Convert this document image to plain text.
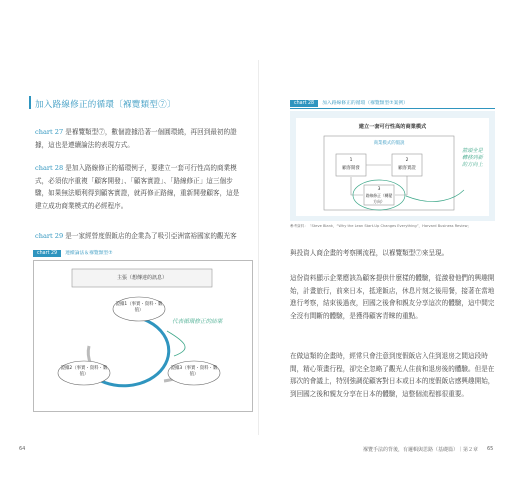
加入路線修正的循環〔褓覽類型⑦〕
chart 27 是褓覽類型⑦，數個證據沿著一個圓環繞，再回到最初的證據，這也是連續論法的表現方式。
chart 28 是加入路線修正的循環例子，要建立一套可行性高的商業模式，必須依序重複「顧客開發」、「顧客實證」、「路線修正」這三個步驟，如果無法順利得到顧客實證，就再修正路線，重新開發顧客，這是建立成功商業模式的必經程序。
chart 29 是一家經營度假飯店的企業為了吸引亞洲富裕國家的觀光客
chart 29 連續論法＆褓覽類型⑦
主張（想傳達的訊息）
證據1（事實・資料・數值）
證據2（事實・資料・數值）
證據3（事實・資料・數值）
代表循環修正的結果
64
chart 28 加入路線修正的循環（褓覽類型⑦案例）
建立一套可行性高的商業模式
商業模式的假說
1
顧客開發
2
顧客實證
3
路線修正（轉變方向）
箭頭全是轉移到新的方向上
參考資料：「Steve Blank，“Why the Lean Start-Up Changes Everything”，Harvard Business Review」
與投資人商企畫的考察團流程，以褓覽類型⑦來呈現。
這份資料顯示企業應該為顧客提供什麼樣的體驗，從激發他們的興趣開始，計畫旅行，前來日本，抵達飯店，休息片刻之後用餐，接著在當地進行考察，結束後過夜，回國之後會和親友分享這次的體驗，這中間完全沒有間斷的體驗，是獲得顧客青睞的重點。
在做這類的企畫時，經常只會注意到度假飯店入住到退房之間這段時間，精心策畫行程，卻完全忽略了觀光人住前和退房後的體驗。但是在那次的會議上，特別強調從顧客對日本或日本的度假飯店感興趣開始，到回國之後和親友分享在日本的體驗，這整個流程都很重要。
褓覽手法的背後，有邏輯與思路（基礎篇）｜第２章 65
